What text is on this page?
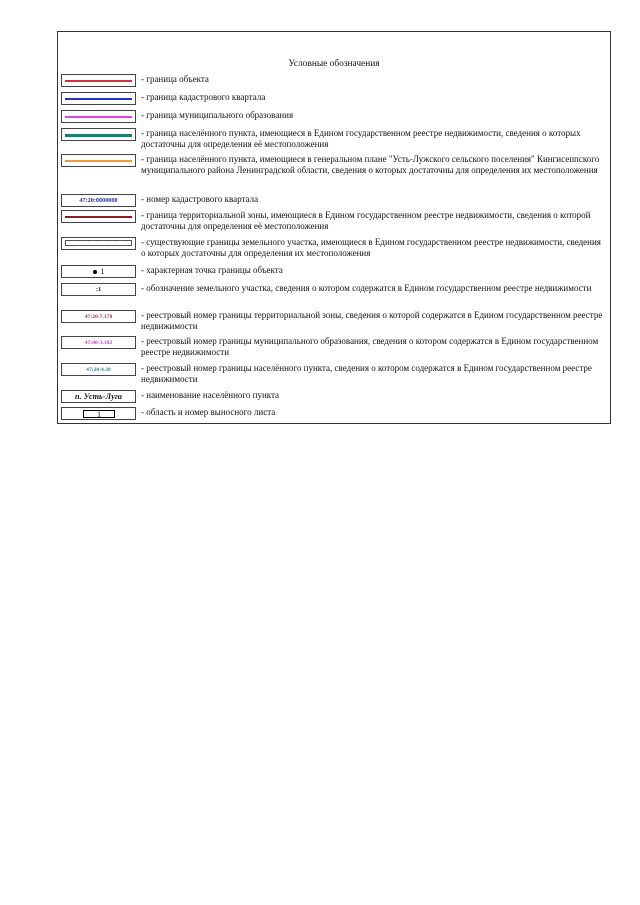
Условные обозначения
- граница объекта
- граница кадастрового квартала
- граница муниципального образования
- граница населённого пункта, имеющиеся в Едином государственном реестре недвижимости, сведения о которых достаточны для определения её местоположения
- граница населённого пункта, имеющиеся в генеральном плане "Усть-Лужского сельского поселения" Кингисеппского муниципального района Ленинградской области, сведения о которых достаточны для определения их местоположения
47:20:0000000	- номер кадастрового квартала
- граница территориальной зоны, имеющиеся в Едином государственном реестре недвижимости, сведения о которой достаточны для определения её местоположения
· · · · · · · · · ·
- существующие границы земельного участка, имеющиеся в Едином государственном реестре недвижимости, сведения о которых достаточны для определения их местоположения
1	- характерная точка границы объекта
:1	- обозначение земельного участка, сведения о котором содержатся в Едином государственном реестре недвижимости
47:20-7.178	- реестровый номер границы территориальной зоны, сведения о которой содержатся в Едином государственном реестре недвижимости
47:00-3.102	- реестровый номер границы муниципального образования, сведения о котором содержатся в Едином государственном реестре недвижимости
47:20-4.38	- реестровый номер границы населённого пункта, сведения о котором содержатся в Едином государственном реестре недвижимости
п. Усть-Луга	- наименование населённого пункта
1	- область и номер выносного листа
